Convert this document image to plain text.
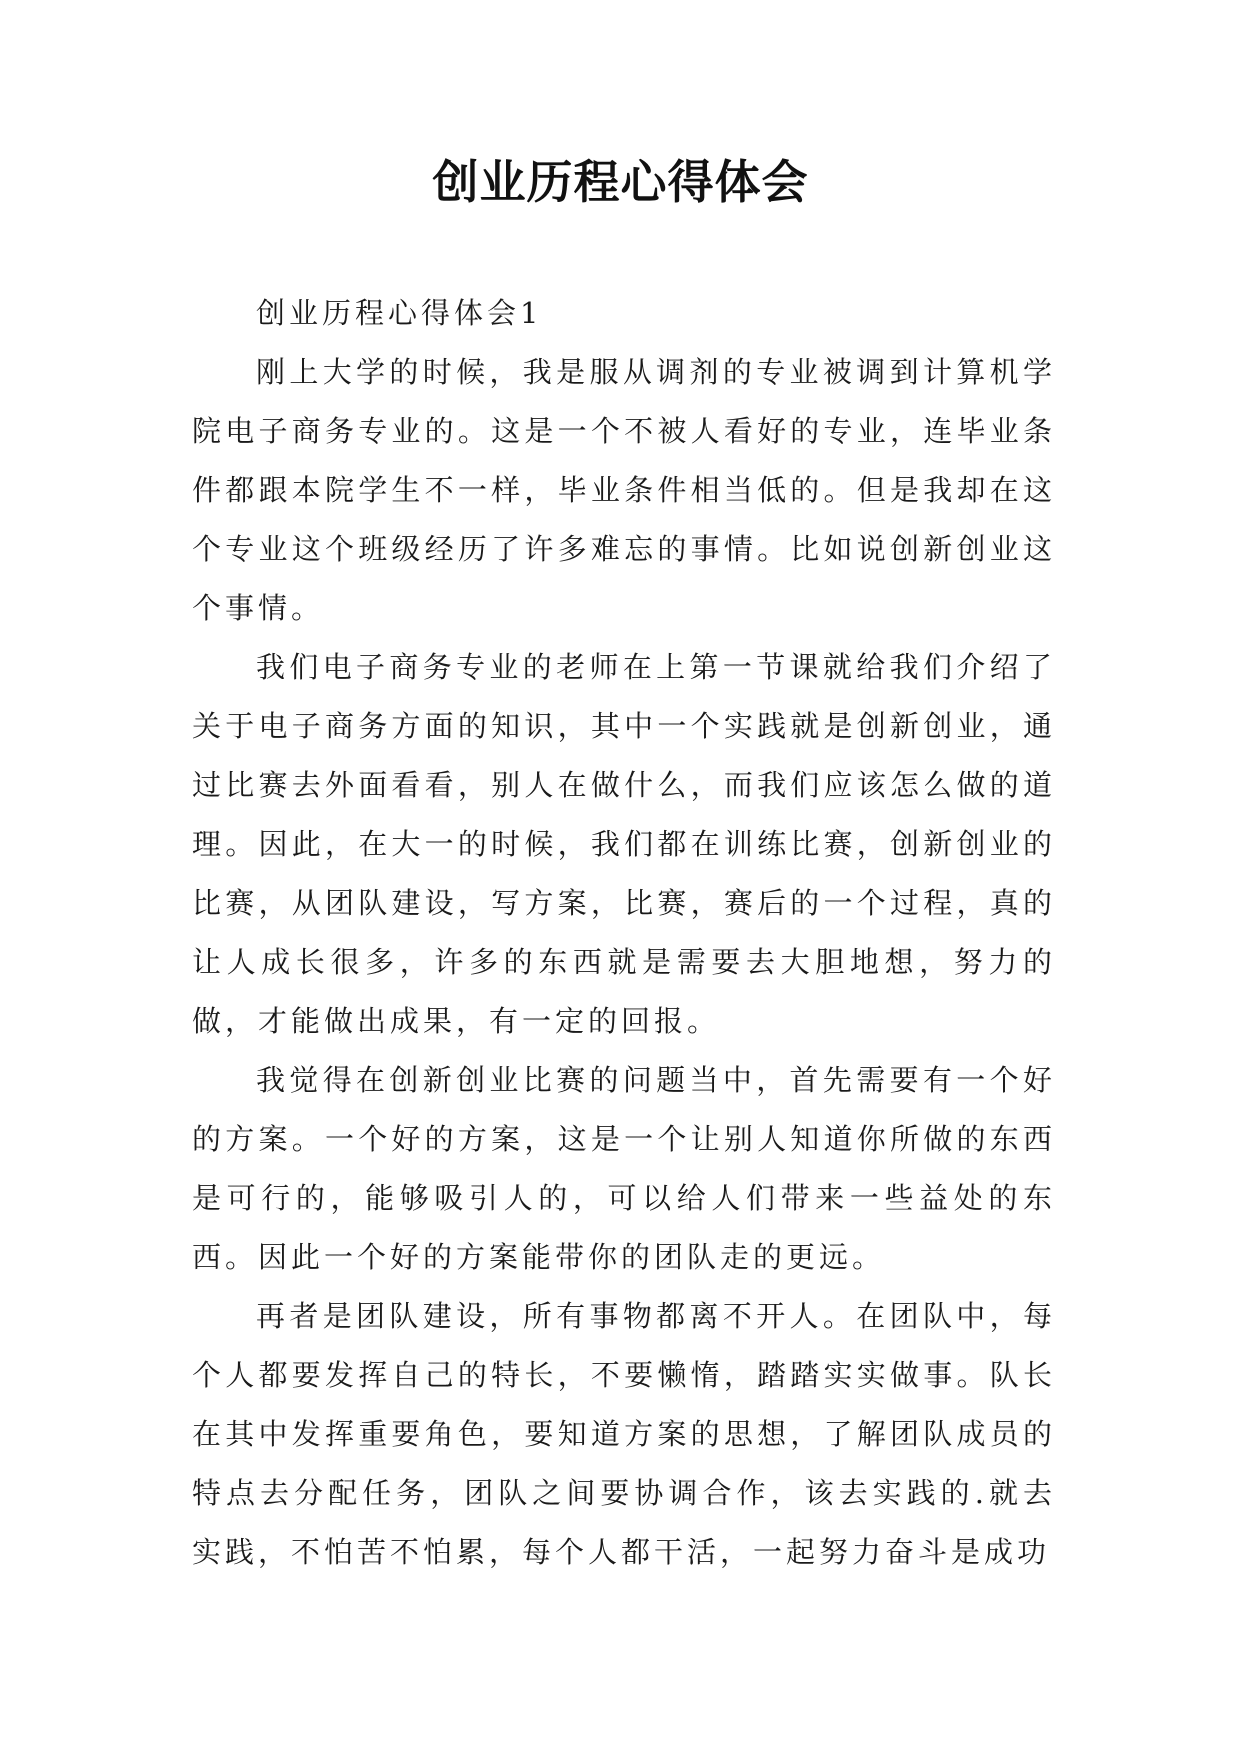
创业历程心得体会

创业历程心得体会1

刚上大学的时候，我是服从调剂的专业被调到计算机学院电子商务专业的。这是一个不被人看好的专业，连毕业条件都跟本院学生不一样，毕业条件相当低的。但是我却在这个专业这个班级经历了许多难忘的事情。比如说创新创业这个事情。

我们电子商务专业的老师在上第一节课就给我们介绍了关于电子商务方面的知识，其中一个实践就是创新创业，通过比赛去外面看看，别人在做什么，而我们应该怎么做的道理。因此，在大一的时候，我们都在训练比赛，创新创业的比赛，从团队建设，写方案，比赛，赛后的一个过程，真的让人成长很多，许多的东西就是需要去大胆地想，努力的做，才能做出成果，有一定的回报。

我觉得在创新创业比赛的问题当中，首先需要有一个好的方案。一个好的方案，这是一个让别人知道你所做的东西是可行的，能够吸引人的，可以给人们带来一些益处的东西。因此一个好的方案能带你的团队走的更远。

再者是团队建设，所有事物都离不开人。在团队中，每个人都要发挥自己的特长，不要懒惰，踏踏实实做事。队长在其中发挥重要角色，要知道方案的思想，了解团队成员的特点去分配任务，团队之间要协调合作，该去实践的.就去实践，不怕苦不怕累，每个人都干活，一起努力奋斗是成功
